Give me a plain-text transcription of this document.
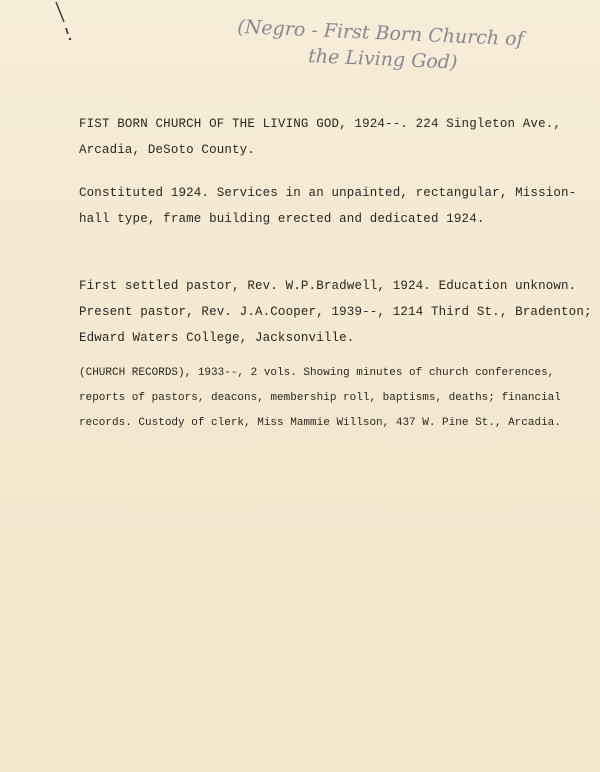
(Negro - First Born Church of
the Living God)

FIST BORN CHURCH OF THE LIVING GOD, 1924--. 224 Singleton Ave.,
Arcadia, DeSoto County.

Constituted 1924. Services in an unpainted, rectangular, Mission-
hall type, frame building erected and dedicated 1924.

First settled pastor, Rev. W.P.Bradwell, 1924. Education unknown.
Present pastor, Rev. J.A.Cooper, 1939--, 1214 Third St., Bradenton;
Edward Waters College, Jacksonville.

(CHURCH RECORDS), 1933--, 2 vols. Showing minutes of church conferences,
reports of pastors, deacons, membership roll, baptisms, deaths; financial
records. Custody of clerk, Miss Mammie Willson, 437 W. Pine St., Arcadia.
